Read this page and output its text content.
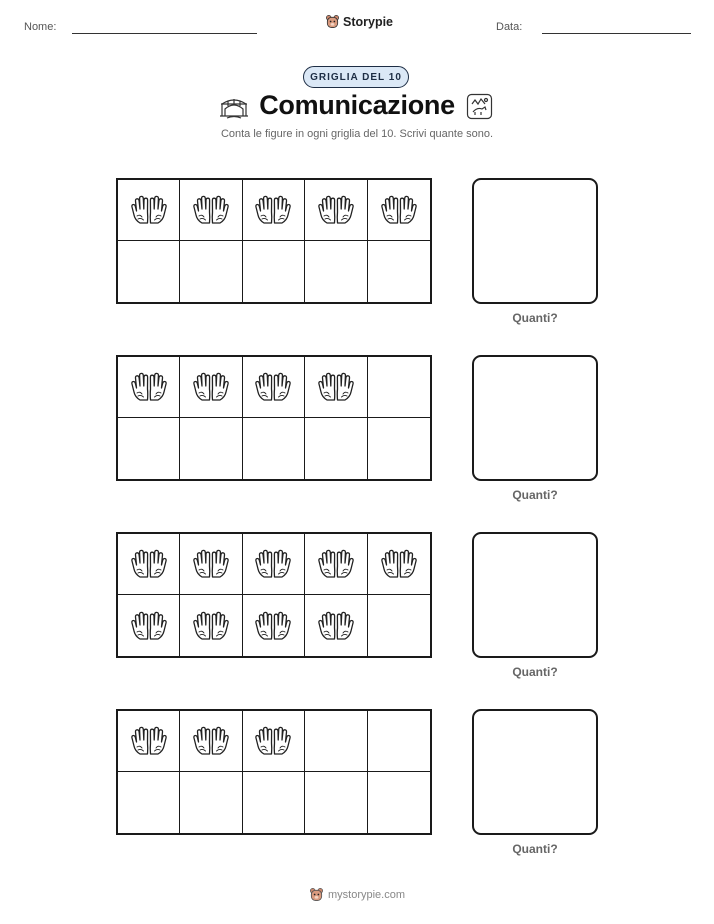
Nome:	Storypie	Data:
GRIGLIA DEL 10
Comunicazione
Conta le figure in ogni griglia del 10. Scrivi quante sono.
Quanti?
Quanti?
Quanti?
Quanti?
mystorypie.com
